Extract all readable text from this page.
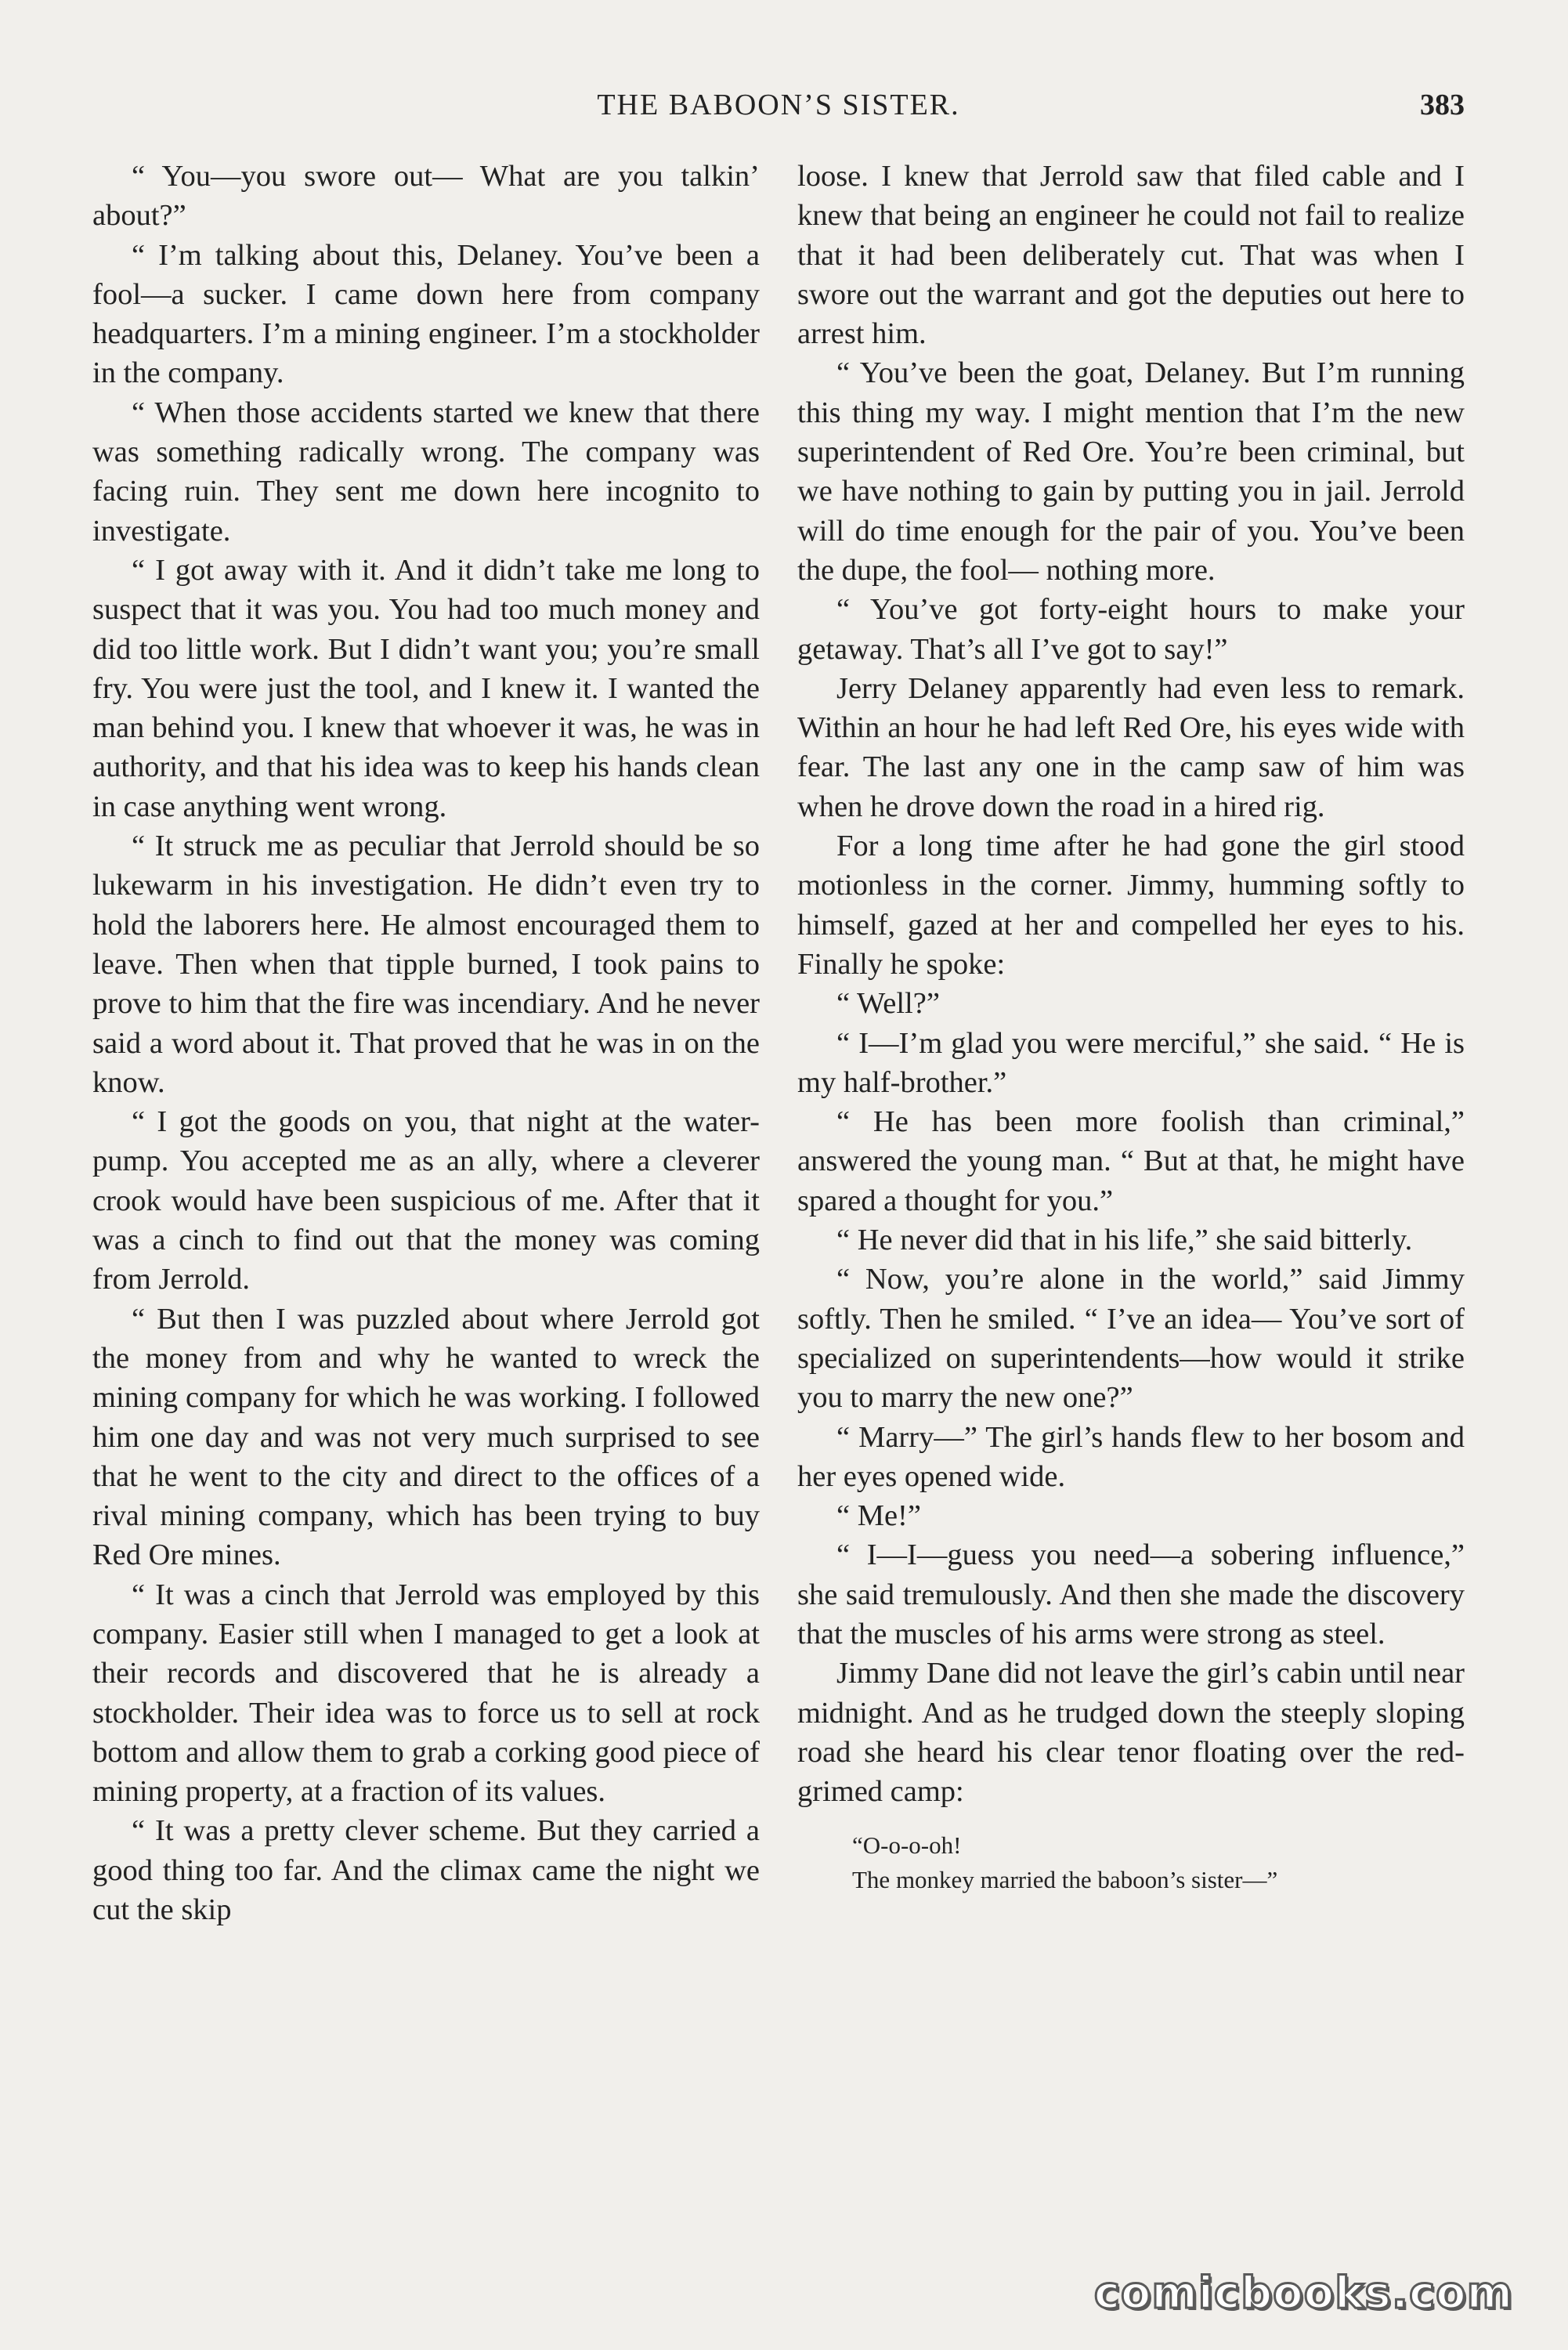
THE BABOON’S SISTER.	383

“ You—you swore out— What are you talkin’ about?”

“ I’m talking about this, Delaney. You’ve been a fool—a sucker. I came down here from company headquarters. I’m a mining engineer. I’m a stockholder in the company.

“ When those accidents started we knew that there was something radically wrong. The company was facing ruin. They sent me down here incognito to investigate.

“ I got away with it. And it didn’t take me long to suspect that it was you. You had too much money and did too little work. But I didn’t want you; you’re small fry. You were just the tool, and I knew it. I wanted the man behind you. I knew that whoever it was, he was in authority, and that his idea was to keep his hands clean in case anything went wrong.

“ It struck me as peculiar that Jerrold should be so lukewarm in his investigation. He didn’t even try to hold the laborers here. He almost encouraged them to leave. Then when that tipple burned, I took pains to prove to him that the fire was incendiary. And he never said a word about it. That proved that he was in on the know.

“ I got the goods on you, that night at the water-pump. You accepted me as an ally, where a cleverer crook would have been suspicious of me. After that it was a cinch to find out that the money was coming from Jerrold.

“ But then I was puzzled about where Jerrold got the money from and why he wanted to wreck the mining company for which he was working. I followed him one day and was not very much surprised to see that he went to the city and direct to the offices of a rival mining company, which has been trying to buy Red Ore mines.

“ It was a cinch that Jerrold was employed by this company. Easier still when I managed to get a look at their records and discovered that he is already a stockholder. Their idea was to force us to sell at rock bottom and allow them to grab a corking good piece of mining property, at a fraction of its values.

“ It was a pretty clever scheme. But they carried a good thing too far. And the climax came the night we cut the skip

loose. I knew that Jerrold saw that filed cable and I knew that being an engineer he could not fail to realize that it had been deliberately cut. That was when I swore out the warrant and got the deputies out here to arrest him.

“ You’ve been the goat, Delaney. But I’m running this thing my way. I might mention that I’m the new superintendent of Red Ore. You’re been criminal, but we have nothing to gain by putting you in jail. Jerrold will do time enough for the pair of you. You’ve been the dupe, the fool— nothing more.

“ You’ve got forty-eight hours to make your getaway. That’s all I’ve got to say!”

Jerry Delaney apparently had even less to remark. Within an hour he had left Red Ore, his eyes wide with fear. The last any one in the camp saw of him was when he drove down the road in a hired rig.

For a long time after he had gone the girl stood motionless in the corner. Jimmy, humming softly to himself, gazed at her and compelled her eyes to his. Finally he spoke:

“ Well?”

“ I—I’m glad you were merciful,” she said. “ He is my half-brother.”

“ He has been more foolish than criminal,” answered the young man. “ But at that, he might have spared a thought for you.”

“ He never did that in his life,” she said bitterly.

“ Now, you’re alone in the world,” said Jimmy softly. Then he smiled. “ I’ve an idea— You’ve sort of specialized on superintendents—how would it strike you to marry the new one?”

“ Marry—” The girl’s hands flew to her bosom and her eyes opened wide.

“ Me!”

“ I—I—guess you need—a sobering influence,” she said tremulously. And then she made the discovery that the muscles of his arms were strong as steel.

Jimmy Dane did not leave the girl’s cabin until near midnight. And as he trudged down the steeply sloping road she heard his clear tenor floating over the red-grimed camp:

“O-o-o-oh!
The monkey married the baboon’s sister—”
comicbooks.com
